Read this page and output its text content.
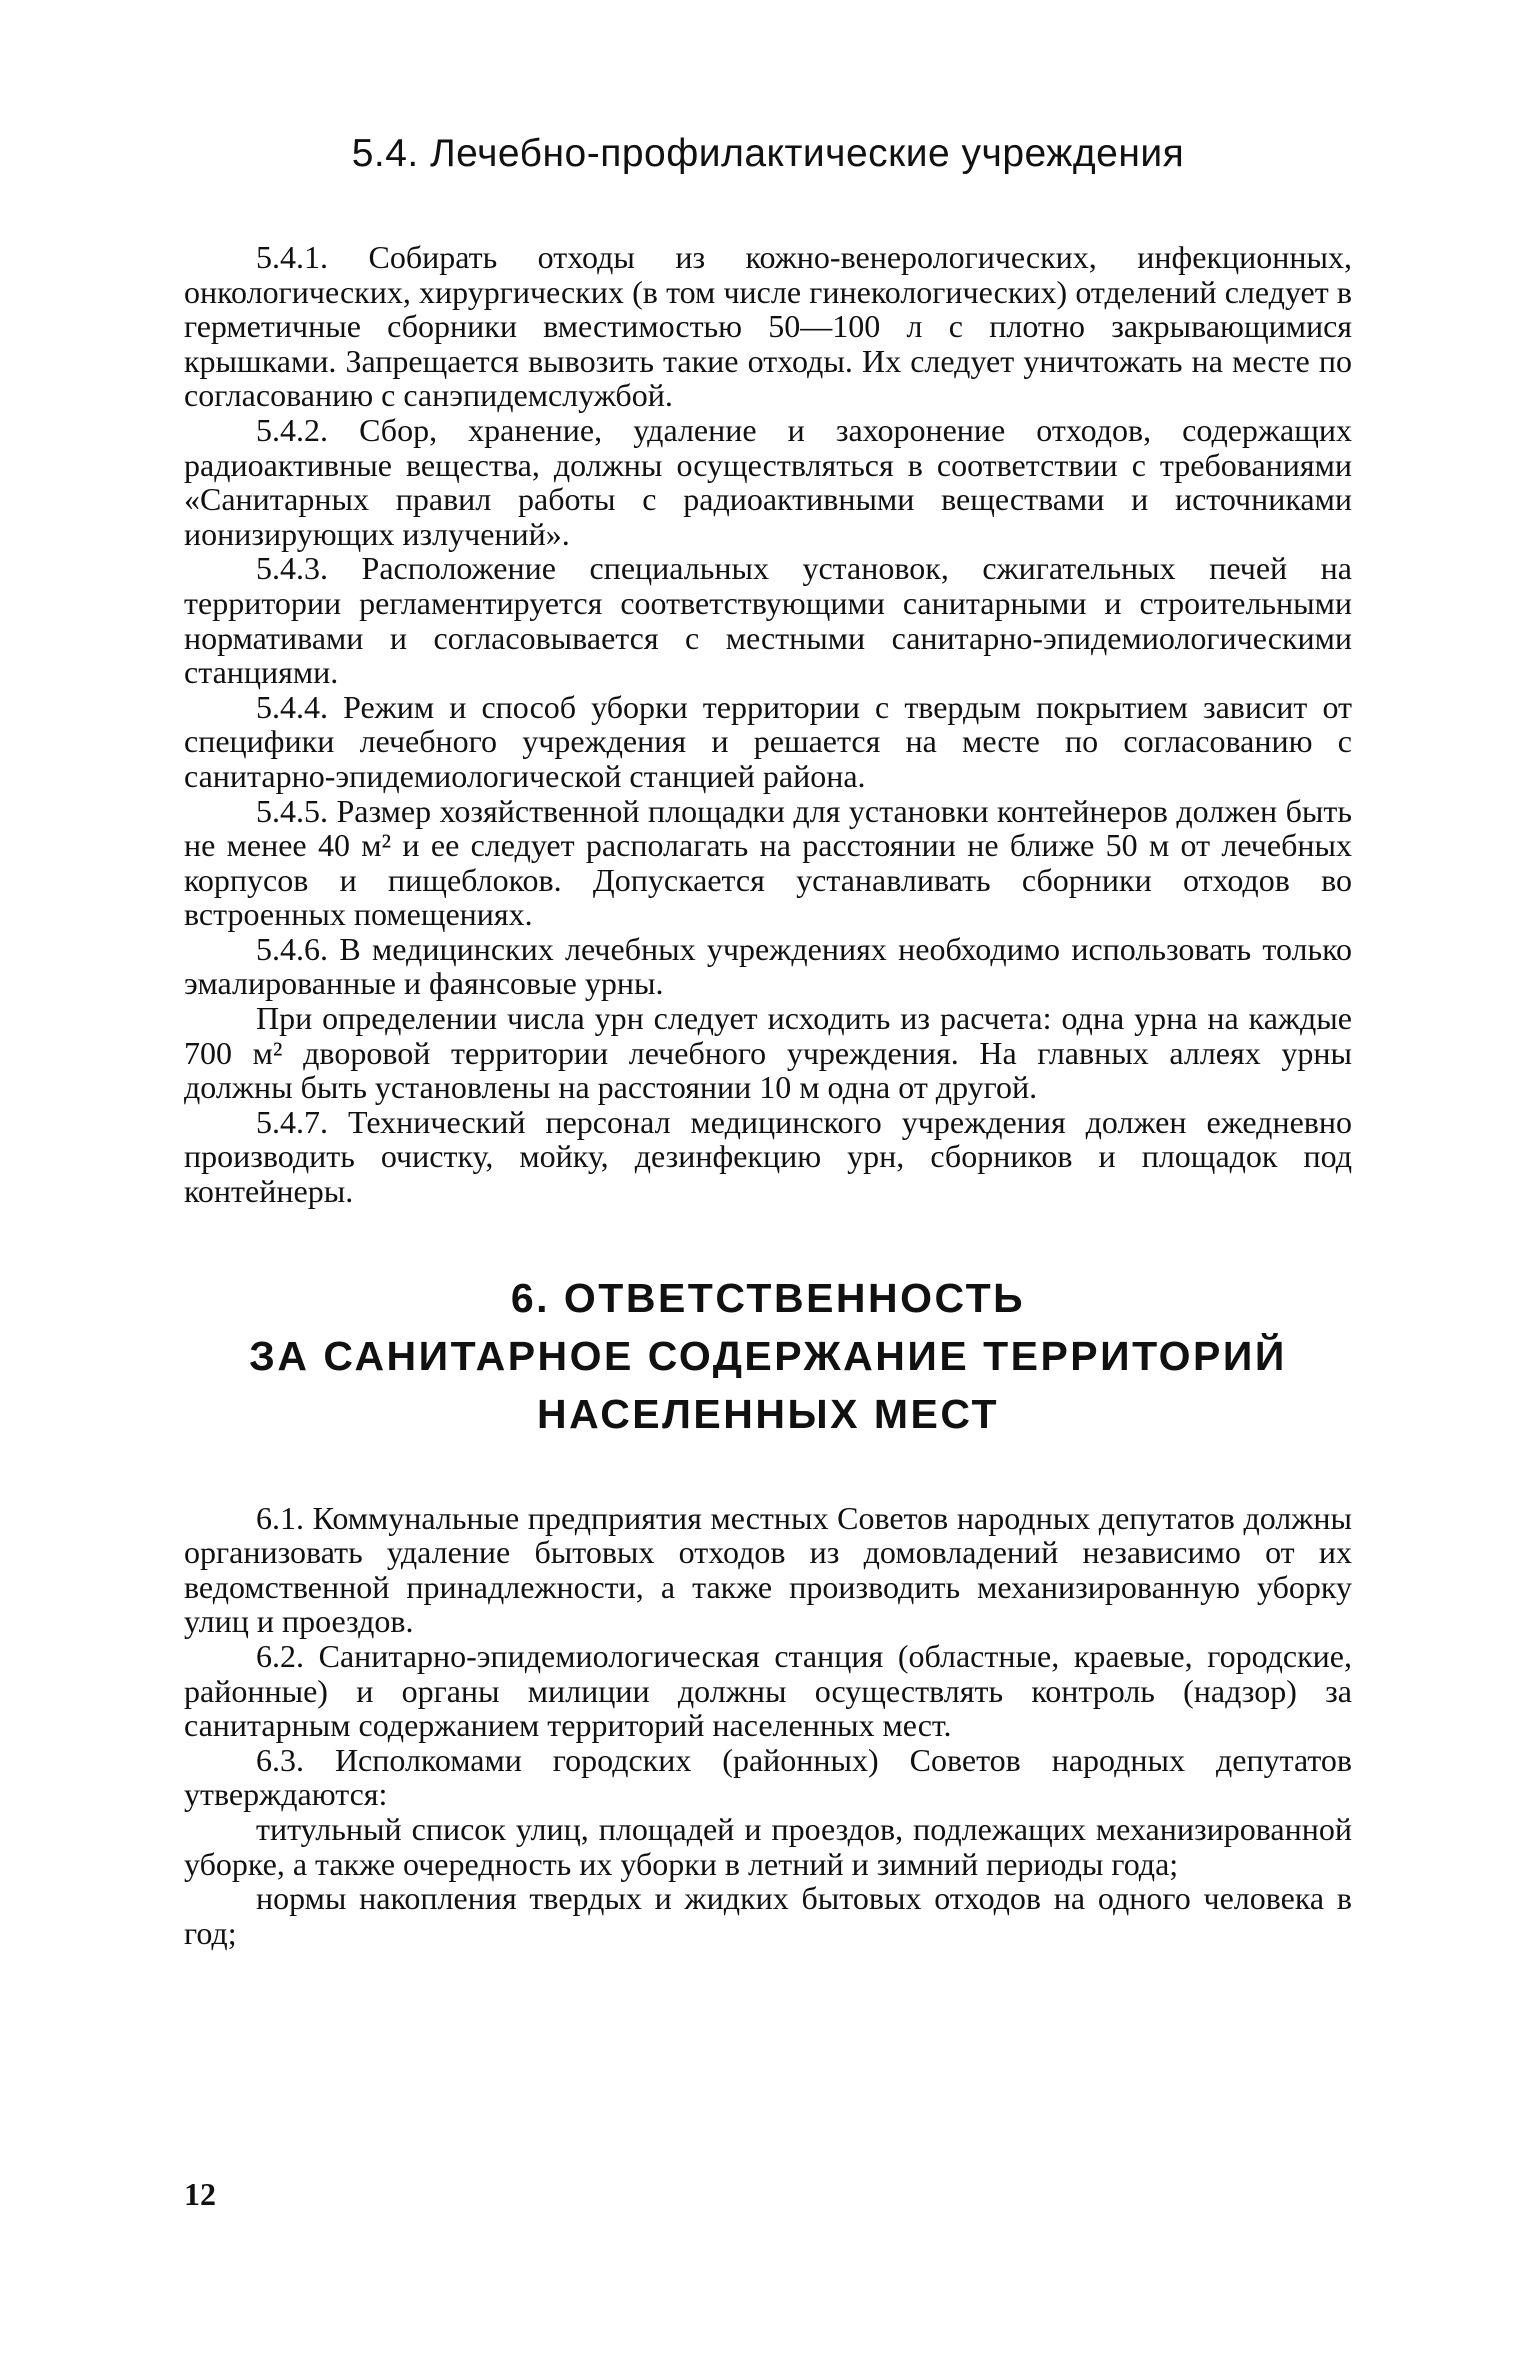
5.4. Лечебно-профилактические учреждения

5.4.1. Собирать отходы из кожно-венерологических, инфекционных, онкологических, хирургических (в том числе гинекологических) отделений следует в герметичные сборники вместимостью 50—100 л с плотно закрывающимися крышками. Запрещается вывозить такие отходы. Их следует уничтожать на месте по согласованию с санэпидемслужбой.

5.4.2. Сбор, хранение, удаление и захоронение отходов, содержащих радиоактивные вещества, должны осуществляться в соответствии с требованиями «Санитарных правил работы с радиоактивными веществами и источниками ионизирующих излучений».

5.4.3. Расположение специальных установок, сжигательных печей на территории регламентируется соответствующими санитарными и строительными нормативами и согласовывается с местными санитарно-эпидемиологическими станциями.

5.4.4. Режим и способ уборки территории с твердым покрытием зависит от специфики лечебного учреждения и решается на месте по согласованию с санитарно-эпидемиологической станцией района.

5.4.5. Размер хозяйственной площадки для установки контейнеров должен быть не менее 40 м² и ее следует располагать на расстоянии не ближе 50 м от лечебных корпусов и пищеблоков. Допускается устанавливать сборники отходов во встроенных помещениях.

5.4.6. В медицинских лечебных учреждениях необходимо использовать только эмалированные и фаянсовые урны.

При определении числа урн следует исходить из расчета: одна урна на каждые 700 м² дворовой территории лечебного учреждения. На главных аллеях урны должны быть установлены на расстоянии 10 м одна от другой.

5.4.7. Технический персонал медицинского учреждения должен ежедневно производить очистку, мойку, дезинфекцию урн, сборников и площадок под контейнеры.

6. ОТВЕТСТВЕННОСТЬ
ЗА САНИТАРНОЕ СОДЕРЖАНИЕ ТЕРРИТОРИЙ
НАСЕЛЕННЫХ МЕСТ

6.1. Коммунальные предприятия местных Советов народных депутатов должны организовать удаление бытовых отходов из домовладений независимо от их ведомственной принадлежности, а также производить механизированную уборку улиц и проездов.

6.2. Санитарно-эпидемиологическая станция (областные, краевые, городские, районные) и органы милиции должны осуществлять контроль (надзор) за санитарным содержанием территорий населенных мест.

6.3. Исполкомами городских (районных) Советов народных депутатов утверждаются:

титульный список улиц, площадей и проездов, подлежащих механизированной уборке, а также очередность их уборки в летний и зимний периоды года;

нормы накопления твердых и жидких бытовых отходов на одного человека в год;

12
